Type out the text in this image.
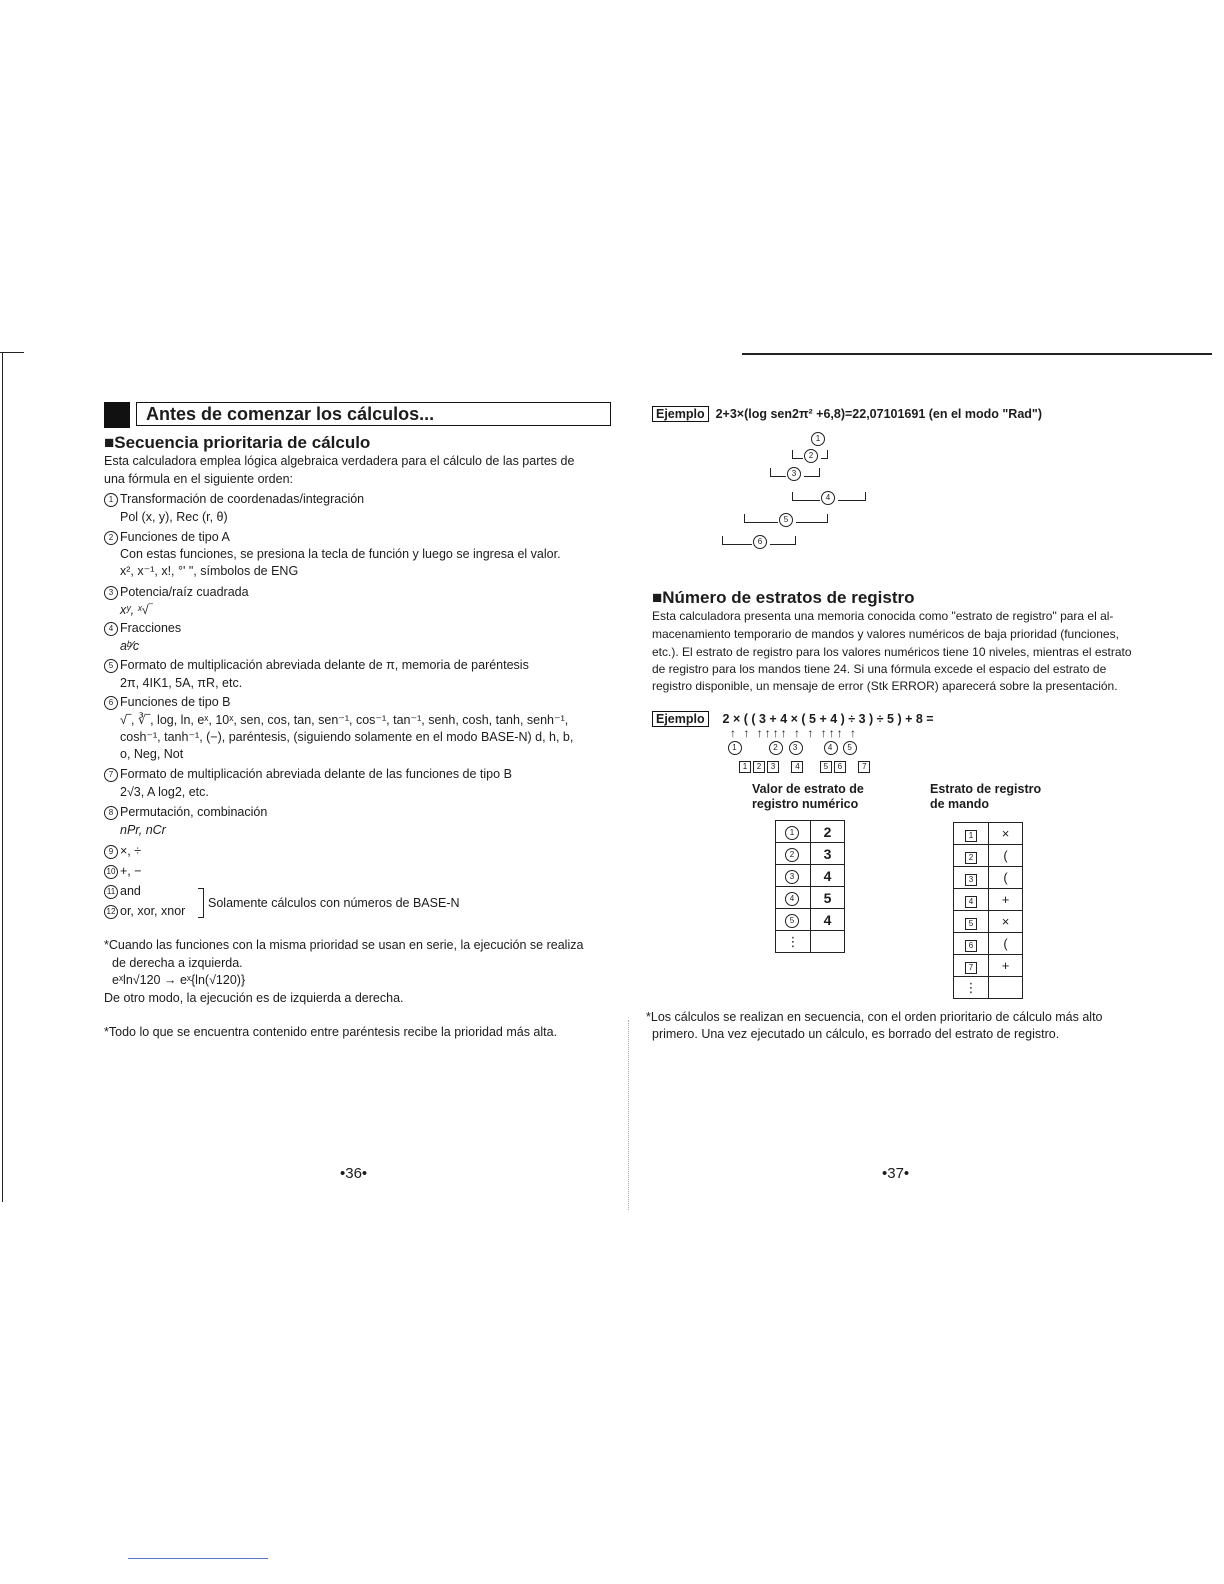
Antes de comenzar los cálculos...
■Secuencia prioritaria de cálculo
Esta calculadora emplea lógica algebraica verdadera para el cálculo de las partes de
una fórmula en el siguiente orden:
1 Transformación de coordenadas/integración
Pol (x, y), Rec (r, θ)
2 Funciones de tipo A
Con estas funciones, se presiona la tecla de función y luego se ingresa el valor.
x², x⁻¹, x!, °' ", símbolos de ENG
3 Potencia/raíz cuadrada
xʸ, ˣ√‾
4 Fracciones
aᵇ⁄c
5 Formato de multiplicación abreviada delante de π, memoria de paréntesis
2π, 4IK1, 5A, πR, etc.
6 Funciones de tipo B
√‾, ∛‾, log, ln, eˣ, 10ˣ, sen, cos, tan, sen⁻¹, cos⁻¹, tan⁻¹, senh, cosh, tanh, senh⁻¹,
cosh⁻¹, tanh⁻¹, (−), paréntesis, (siguiendo solamente en el modo BASE-N) d, h, b,
o, Neg, Not
7 Formato de multiplicación abreviada delante de las funciones de tipo B
2√3, A log2, etc.
8 Permutación, combinación
nPr, nCr
9 ×, ÷
10 +, −
11 and
12 or, xor, xnor
Solamente cálculos con números de BASE-N
*Cuando las funciones con la misma prioridad se usan en serie, la ejecución se realiza
de derecha a izquierda.
eˣln√120 → eˣ{ln(√120)}
De otro modo, la ejecución es de izquierda a derecha.
*Todo lo que se encuentra contenido entre paréntesis recibe la prioridad más alta.
•36•
Ejemplo 2+3×(log sen2π² +6,8)=22,07101691 (en el modo "Rad")
1
2
3
4
5
6
■Número de estratos de registro
Esta calculadora presenta una memoria conocida como "estrato de registro" para el al-
macenamiento temporario de mandos y valores numéricos de baja prioridad (funciones,
etc.). El estrato de registro para los valores numéricos tiene 10 niveles, mientras el estrato
de registro para los mandos tiene 24. Si una fórmula excede el espacio del estrato de
registro disponible, un mensaje de error (Stk ERROR) aparecerá sobre la presentación.
Ejemplo 2 × ( ( 3 + 4 × ( 5 + 4 ) ÷ 3 ) ÷ 5 ) + 8 =
↑ ↑ ↑↑↑↑ ↑ ↑ ↑↑↑ ↑
1	2 3	4 5
1 2 3	4	5 6	7
Valor de estrato de
registro numérico
Estrato de registro
de mando
1	2
2	3
3	4
4	5
5	4
⋮	
1	×
2	(
3	(
4	+
5	×
6	(
7	+
⋮	
*Los cálculos se realizan en secuencia, con el orden prioritario de cálculo más alto
primero. Una vez ejecutado un cálculo, es borrado del estrato de registro.
•37•
